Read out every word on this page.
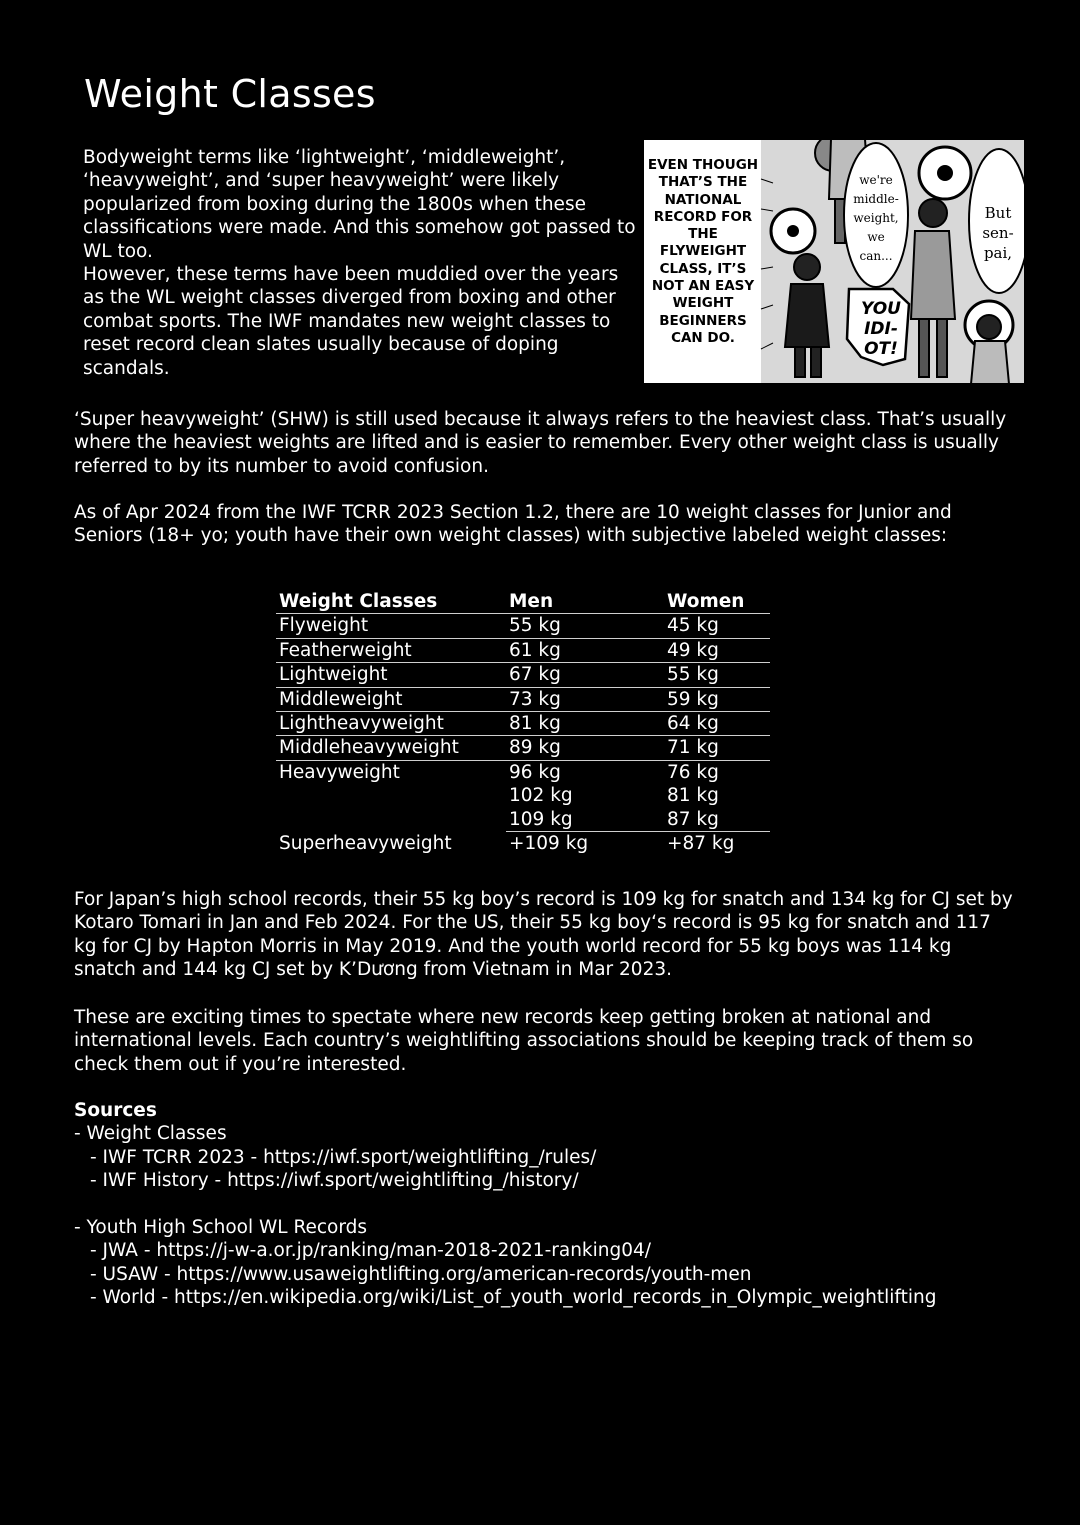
Weight Classes

Bodyweight terms like ‘lightweight’, ‘middleweight’, ‘heavyweight’, and ‘super heavyweight’ were likely popularized from boxing during the 1800s when these classifications were made. And this somehow got passed to WL too.

However, these terms have been muddied over the years as the WL weight classes diverged from boxing and other combat sports. The IWF mandates new weight classes to reset record clean slates usually because of doping scandals.

EVEN THOUGH THAT’S THE NATIONAL RECORD FOR THE FLYWEIGHT CLASS, IT’S NOT AN EASY WEIGHT BEGINNERS CAN DO.
we're middle-weight, we can...
But sen-pai,
YOU IDI-OT!

‘Super heavyweight’ (SHW) is still used because it always refers to the heaviest class. That’s usually where the heaviest weights are lifted and is easier to remember. Every other weight class is usually referred to by its number to avoid confusion.

As of Apr 2024 from the IWF TCRR 2023 Section 1.2, there are 10 weight classes for Junior and Seniors (18+ yo; youth have their own weight classes) with subjective labeled weight classes:

Weight Classes	Men	Women
Flyweight	55 kg	45 kg
Featherweight	61 kg	49 kg
Lightweight	67 kg	55 kg
Middleweight	73 kg	59 kg
Lightheavyweight	81 kg	64 kg
Middleheavyweight	89 kg	71 kg
Heavyweight	96 kg	76 kg
	102 kg	81 kg
	109 kg	87 kg
Superheavyweight	+109 kg	+87 kg

For Japan’s high school records, their 55 kg boy’s record is 109 kg for snatch and 134 kg for CJ set by Kotaro Tomari in Jan and Feb 2024. For the US, their 55 kg boy‘s record is 95 kg for snatch and 117 kg for CJ by Hapton Morris in May 2019. And the youth world record for 55 kg boys was 114 kg snatch and 144 kg CJ set by K’Dương from Vietnam in Mar 2023.

These are exciting times to spectate where new records keep getting broken at national and international levels. Each country’s weightlifting associations should be keeping track of them so check them out if you’re interested.

Sources
- Weight Classes
- IWF TCRR 2023 - https://iwf.sport/weightlifting_/rules/
- IWF History - https://iwf.sport/weightlifting_/history/
- Youth High School WL Records
- JWA - https://j-w-a.or.jp/ranking/man-2018-2021-ranking04/
- USAW - https://www.usaweightlifting.org/american-records/youth-men
- World - https://en.wikipedia.org/wiki/List_of_youth_world_records_in_Olympic_weightlifting
